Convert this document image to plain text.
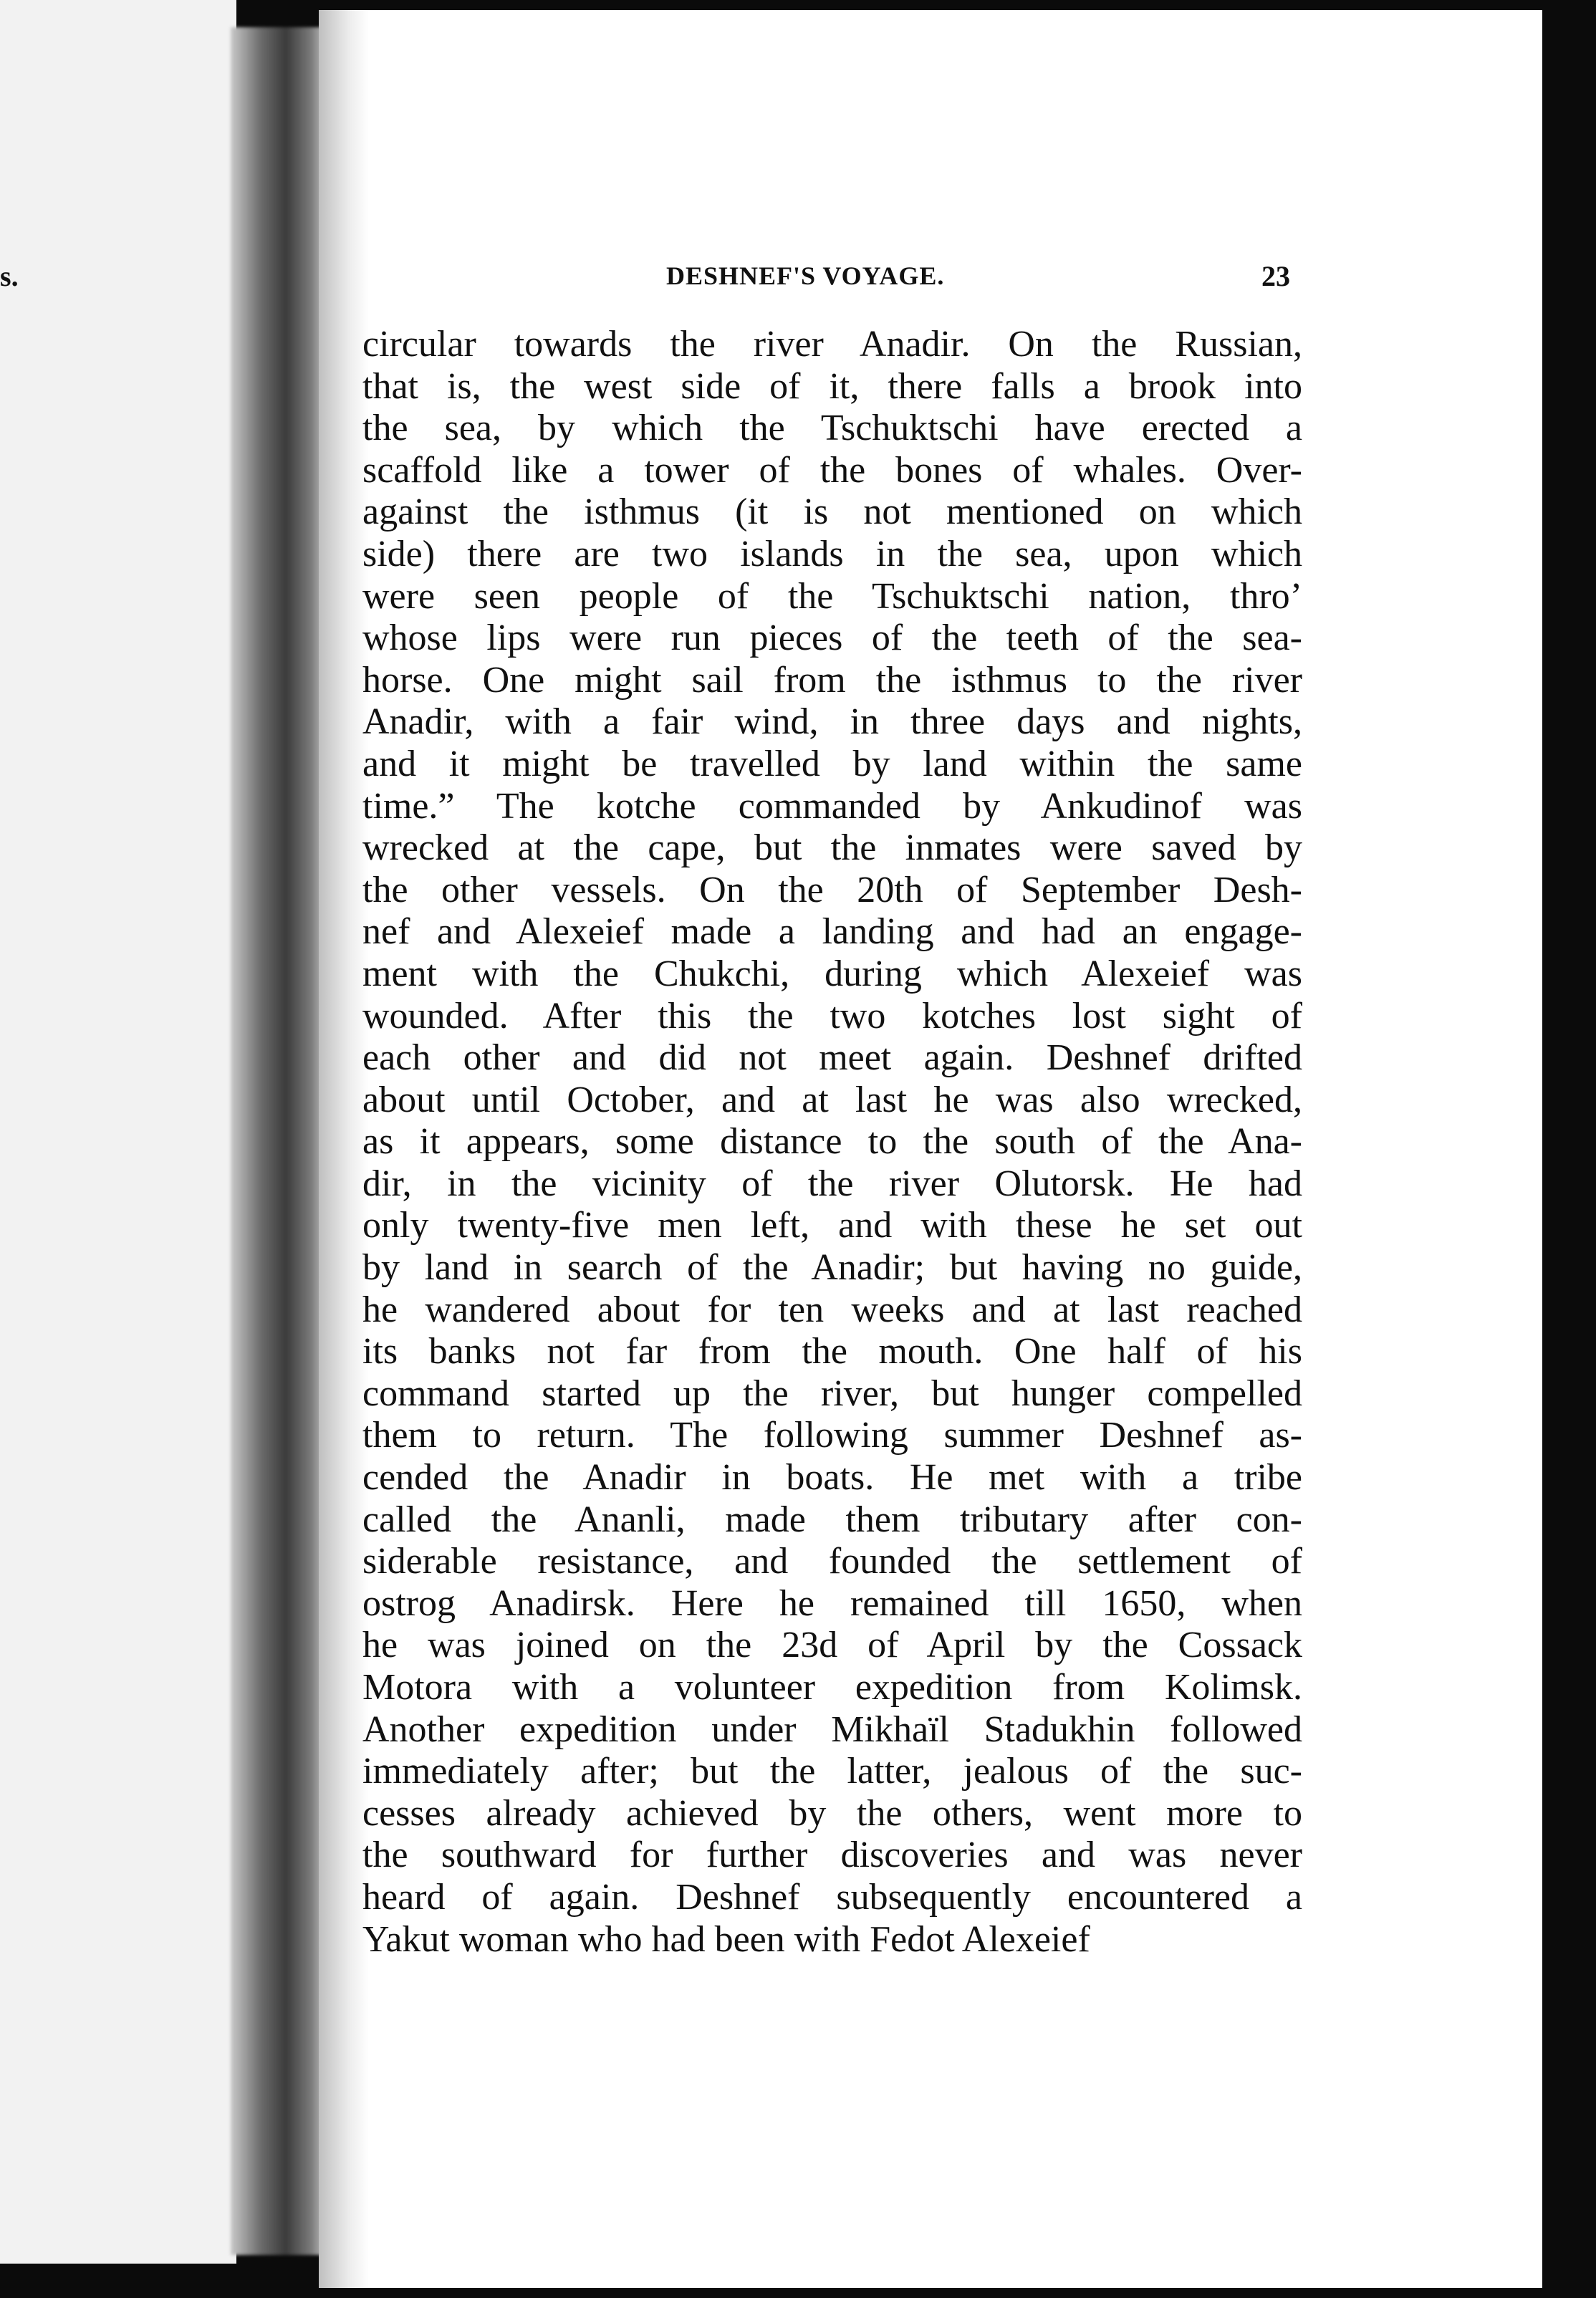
s.	DESHNEF'S VOYAGE.	23
circular towards the river Anadir. On the Russian,
that is, the west side of it, there falls a brook into
the sea, by which the Tschuktschi have erected a
scaffold like a tower of the bones of whales. Over-
against the isthmus (it is not mentioned on which
side) there are two islands in the sea, upon which
were seen people of the Tschuktschi nation, thro’
whose lips were run pieces of the teeth of the sea-
horse. One might sail from the isthmus to the river
Anadir, with a fair wind, in three days and nights,
and it might be travelled by land within the same
time.” The kotche commanded by Ankudinof was
wrecked at the cape, but the inmates were saved by
the other vessels. On the 20th of September Desh-
nef and Alexeief made a landing and had an engage-
ment with the Chukchi, during which Alexeief was
wounded. After this the two kotches lost sight of
each other and did not meet again. Deshnef drifted
about until October, and at last he was also wrecked,
as it appears, some distance to the south of the Ana-
dir, in the vicinity of the river Olutorsk. He had
only twenty-five men left, and with these he set out
by land in search of the Anadir; but having no guide,
he wandered about for ten weeks and at last reached
its banks not far from the mouth. One half of his
command started up the river, but hunger compelled
them to return. The following summer Deshnef as-
cended the Anadir in boats. He met with a tribe
called the Ananli, made them tributary after con-
siderable resistance, and founded the settlement of
ostrog Anadirsk. Here he remained till 1650, when
he was joined on the 23d of April by the Cossack
Motora with a volunteer expedition from Kolimsk.
Another expedition under Mikhaïl Stadukhin followed
immediately after; but the latter, jealous of the suc-
cesses already achieved by the others, went more to
the southward for further discoveries and was never
heard of again. Deshnef subsequently encountered a
Yakut woman who had been with Fedot Alexeief
